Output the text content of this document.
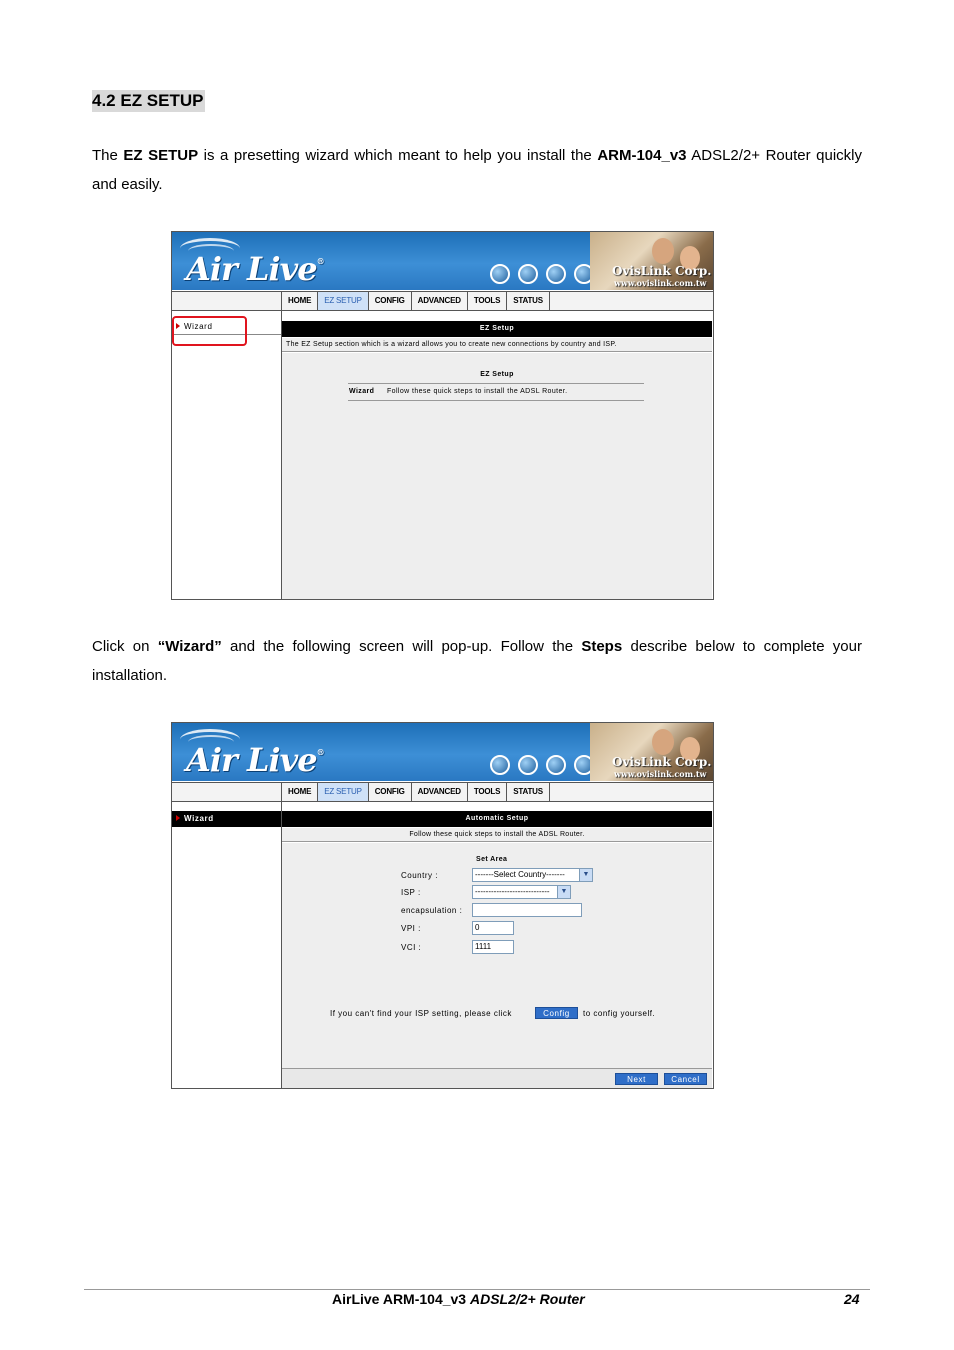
4.2 EZ SETUP

The EZ SETUP is a presetting wizard which meant to help you install the ARM-104_v3 ADSL2/2+ Router quickly and easily.

Air Live®
OvisLink Corp.
www.ovislink.com.tw
HOME	EZ SETUP	CONFIG	ADVANCED	TOOLS	STATUS
Wizard	EZ Setup
The EZ Setup section which is a wizard allows you to create new connections by country and ISP.
EZ Setup
Wizard Follow these quick steps to install the ADSL Router.

Click on “Wizard” and the following screen will pop-up. Follow the Steps describe below to complete your installation.

Air Live®
OvisLink Corp.
www.ovislink.com.tw
HOME	EZ SETUP	CONFIG	ADVANCED	TOOLS	STATUS
Wizard	Automatic Setup
Follow these quick steps to install the ADSL Router.
Set Area
Country :	-------Select Country-------	▼
ISP :	----------------------------	▼
encapsulation :
VPI :	0
VCI :	1111
If you can't find your ISP setting, please click	Config	to config yourself.
Next	Cancel
AirLive ARM-104_v3 ADSL2/2+ Router	24
